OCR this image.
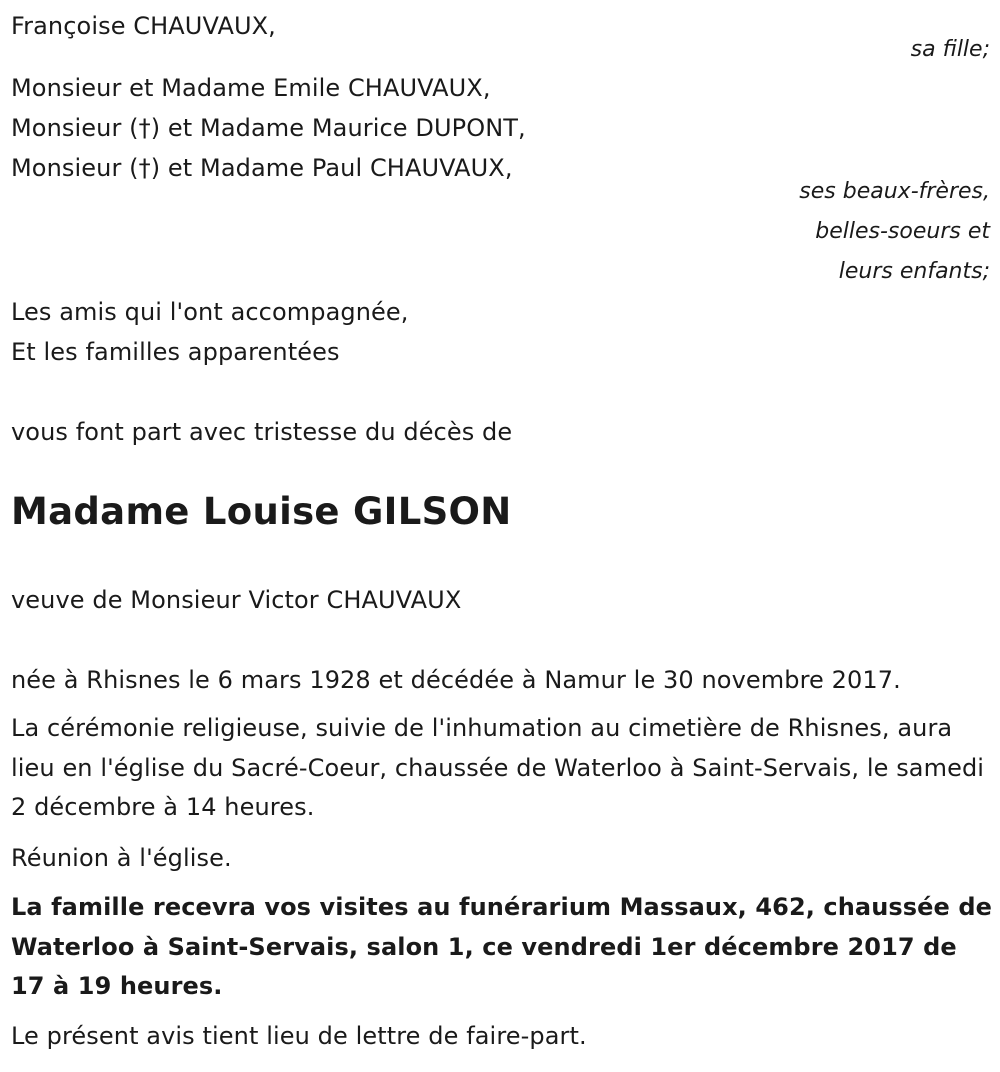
Françoise CHAUVAUX,
sa fille;
Monsieur et Madame Emile CHAUVAUX,
Monsieur (†) et Madame Maurice DUPONT,
Monsieur (†) et Madame Paul CHAUVAUX,
ses beaux-frères,
belles-soeurs et
leurs enfants;
Les amis qui l'ont accompagnée,
Et les familles apparentées
vous font part avec tristesse du décès de
Madame Louise GILSON
veuve de Monsieur Victor CHAUVAUX
née à Rhisnes le 6 mars 1928 et décédée à Namur le 30 novembre 2017.
La cérémonie religieuse, suivie de l'inhumation au cimetière de Rhisnes, aura lieu en l'église du Sacré-Coeur, chaussée de Waterloo à Saint-Servais, le samedi 2 décembre à 14 heures.
Réunion à l'église.
La famille recevra vos visites au funérarium Massaux, 462, chaussée de Waterloo à Saint-Servais, salon 1, ce vendredi 1er décembre 2017 de 17 à 19 heures.
Le présent avis tient lieu de lettre de faire-part.
